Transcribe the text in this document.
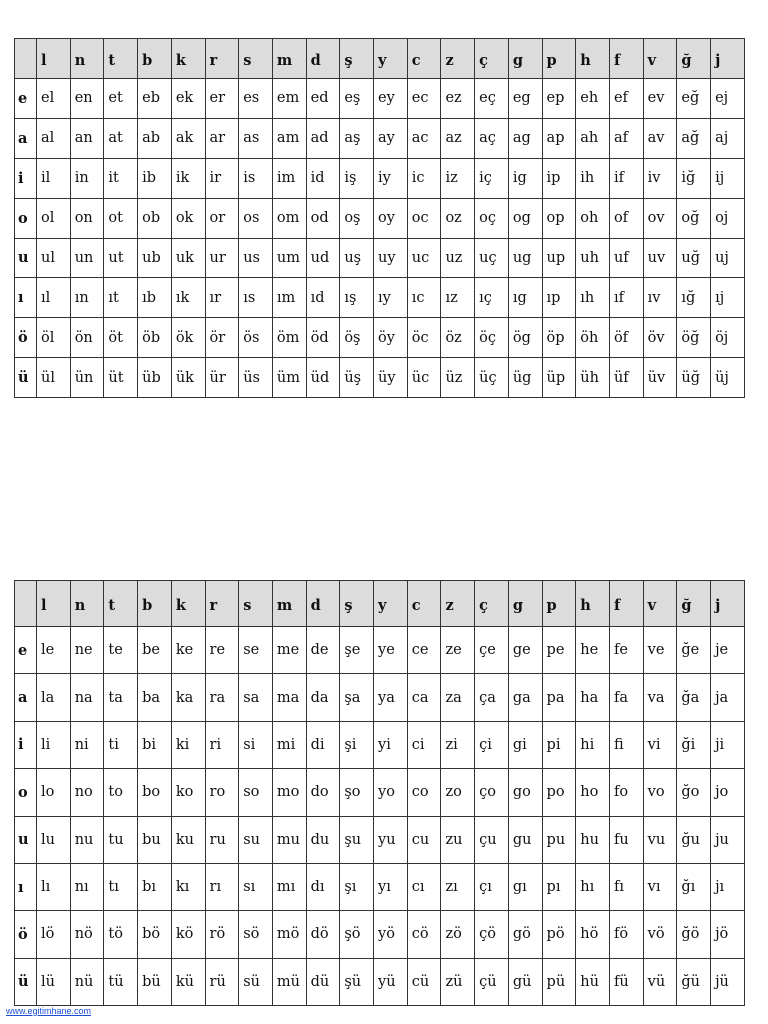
	l	n	t	b	k	r	s	m	d	ş	y	c	z	ç	g	p	h	f	v	ğ	j
e	el	en	et	eb	ek	er	es	em	ed	eş	ey	ec	ez	eç	eg	ep	eh	ef	ev	eğ	ej
a	al	an	at	ab	ak	ar	as	am	ad	aş	ay	ac	az	aç	ag	ap	ah	af	av	ağ	aj
i	il	in	it	ib	ik	ir	is	im	id	iş	iy	ic	iz	iç	ig	ip	ih	if	iv	iğ	ij
o	ol	on	ot	ob	ok	or	os	om	od	oş	oy	oc	oz	oç	og	op	oh	of	ov	oğ	oj
u	ul	un	ut	ub	uk	ur	us	um	ud	uş	uy	uc	uz	uç	ug	up	uh	uf	uv	uğ	uj
ı	ıl	ın	ıt	ıb	ık	ır	ıs	ım	ıd	ış	ıy	ıc	ız	ıç	ıg	ıp	ıh	ıf	ıv	ığ	ıj
ö	öl	ön	öt	öb	ök	ör	ös	öm	öd	öş	öy	öc	öz	öç	ög	öp	öh	öf	öv	öğ	öj
ü	ül	ün	üt	üb	ük	ür	üs	üm	üd	üş	üy	üc	üz	üç	üg	üp	üh	üf	üv	üğ	üj
	l	n	t	b	k	r	s	m	d	ş	y	c	z	ç	g	p	h	f	v	ğ	j
e	le	ne	te	be	ke	re	se	me	de	şe	ye	ce	ze	çe	ge	pe	he	fe	ve	ğe	je
a	la	na	ta	ba	ka	ra	sa	ma	da	şa	ya	ca	za	ça	ga	pa	ha	fa	va	ğa	ja
i	li	ni	ti	bi	ki	ri	si	mi	di	şi	yi	ci	zi	çi	gi	pi	hi	fi	vi	ği	ji
o	lo	no	to	bo	ko	ro	so	mo	do	şo	yo	co	zo	ço	go	po	ho	fo	vo	ğo	jo
u	lu	nu	tu	bu	ku	ru	su	mu	du	şu	yu	cu	zu	çu	gu	pu	hu	fu	vu	ğu	ju
ı	lı	nı	tı	bı	kı	rı	sı	mı	dı	şı	yı	cı	zı	çı	gı	pı	hı	fı	vı	ğı	jı
ö	lö	nö	tö	bö	kö	rö	sö	mö	dö	şö	yö	cö	zö	çö	gö	pö	hö	fö	vö	ğö	jö
ü	lü	nü	tü	bü	kü	rü	sü	mü	dü	şü	yü	cü	zü	çü	gü	pü	hü	fü	vü	ğü	jü
www.egitimhane.com
